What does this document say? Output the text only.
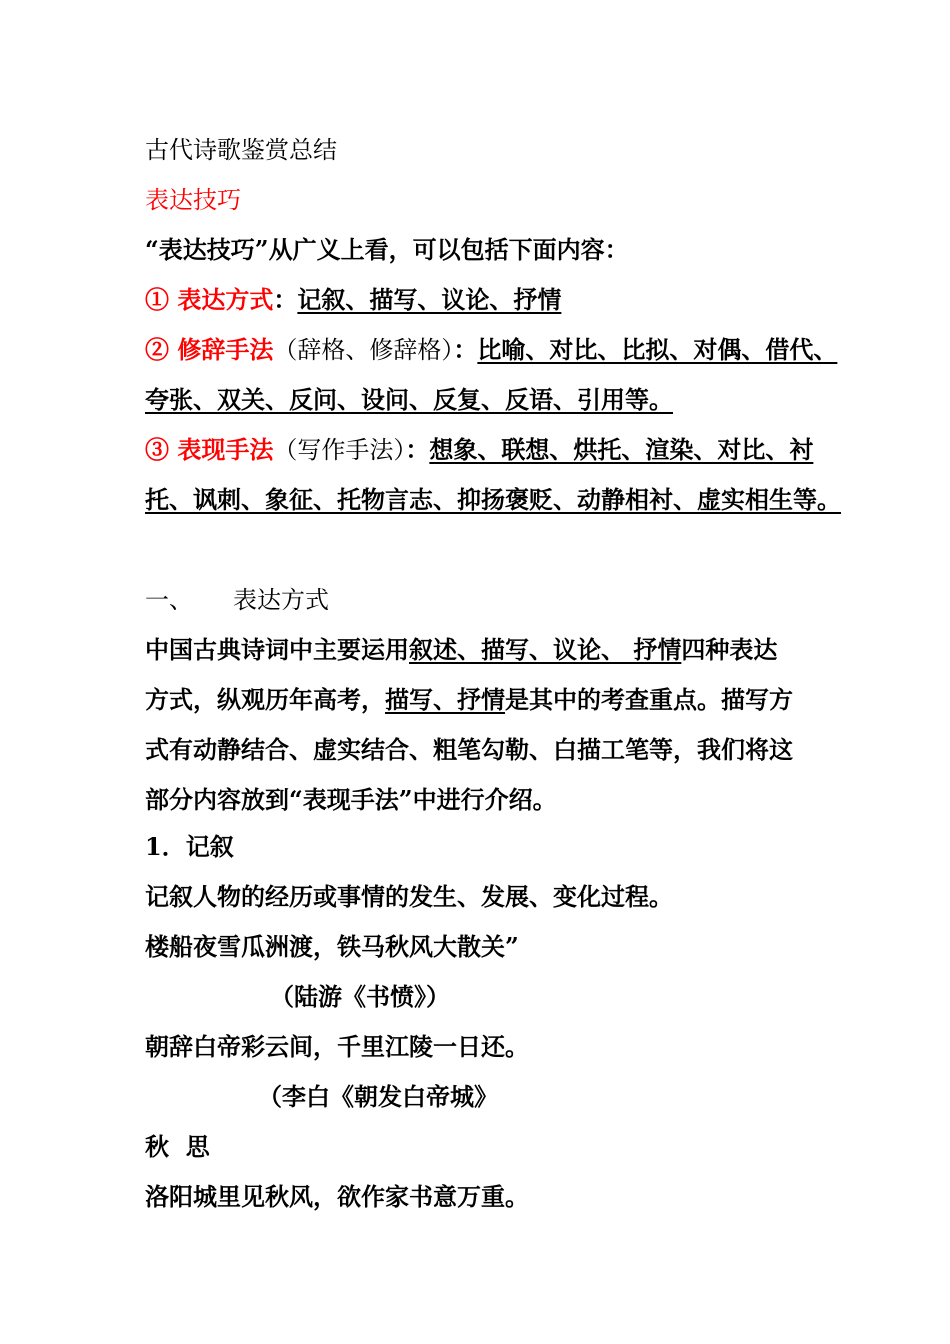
古代诗歌鉴赏总结
表达技巧
“表达技巧”从广义上看，可以包括下面内容：
① 表达方式：记叙、描写、议论、抒情
② 修辞手法（辞格、修辞格）：比喻、对比、比拟、对偶、借代、
夸张、双关、反问、设问、反复、反语、引用等。
③ 表现手法（写作手法）：想象、联想、烘托、渲染、对比、衬
托、讽刺、象征、托物言志、抑扬褒贬、动静相衬、虚实相生等。
一、 表达方式
中国古典诗词中主要运用叙述、描写、议论、 抒情四种表达
方式，纵观历年高考，描写、抒情是其中的考查重点。描写方
式有动静结合、虚实结合、粗笔勾勒、白描工笔等，我们将这
部分内容放到“表现手法”中进行介绍。
1．记叙
记叙人物的经历或事情的发生、发展、变化过程。
楼船夜雪瓜洲渡，铁马秋风大散关”
（陆游《书愤》）
朝辞白帝彩云间，千里江陵一日还。
（李白《朝发白帝城》
秋  思
洛阳城里见秋风，欲作家书意万重。
